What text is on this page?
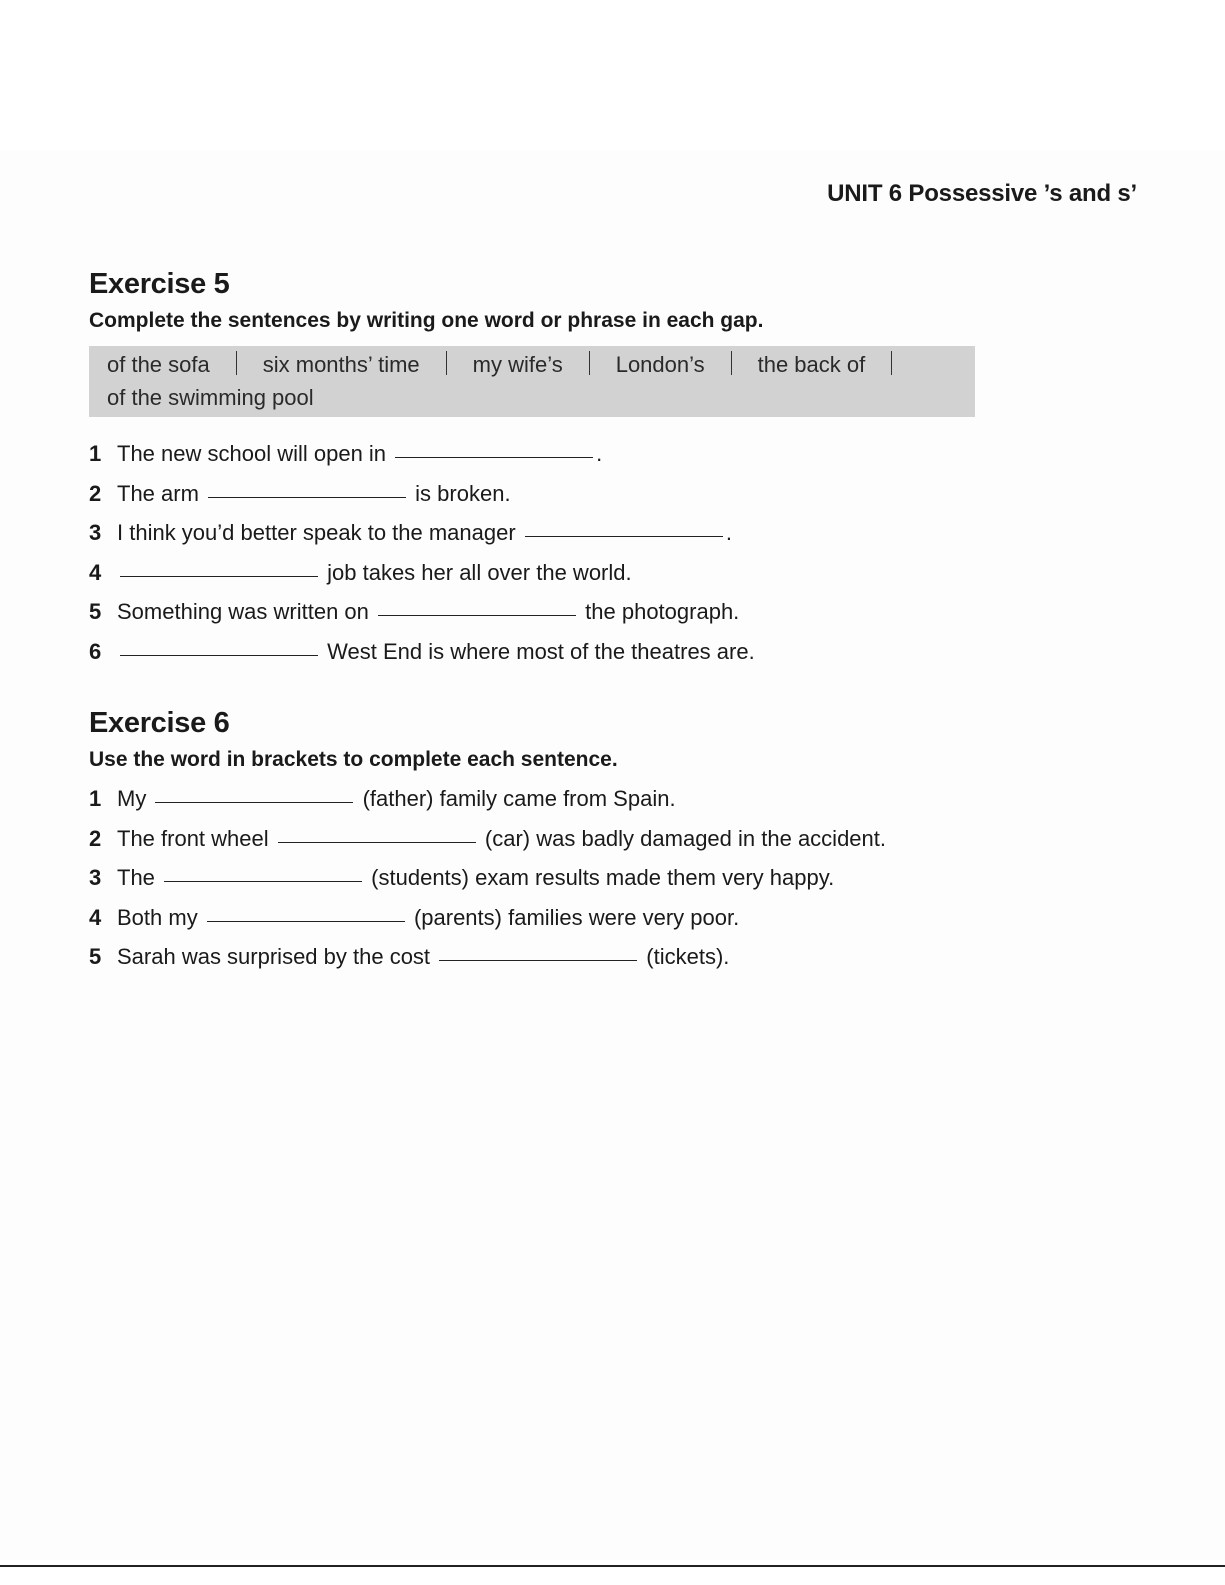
UNIT 6 Possessive ’s and s’
Exercise 5

Complete the sentences by writing one word or phrase in each gap.

of the sofa six months’ time my wife’s London’s the back of
of the swimming pool
1 The new school will open in	.
2 The arm	is broken.
3 I think you’d better speak to the manager	.
4	job takes her all over the world.
5 Something was written on	the photograph.
6	West End is where most of the theatres are.
Exercise 6

Use the word in brackets to complete each sentence.

1 My	(father) family came from Spain.
2 The front wheel	(car) was badly damaged in the accident.
3 The	(students) exam results made them very happy.
4 Both my	(parents) families were very poor.
5 Sarah was surprised by the cost	(tickets).
